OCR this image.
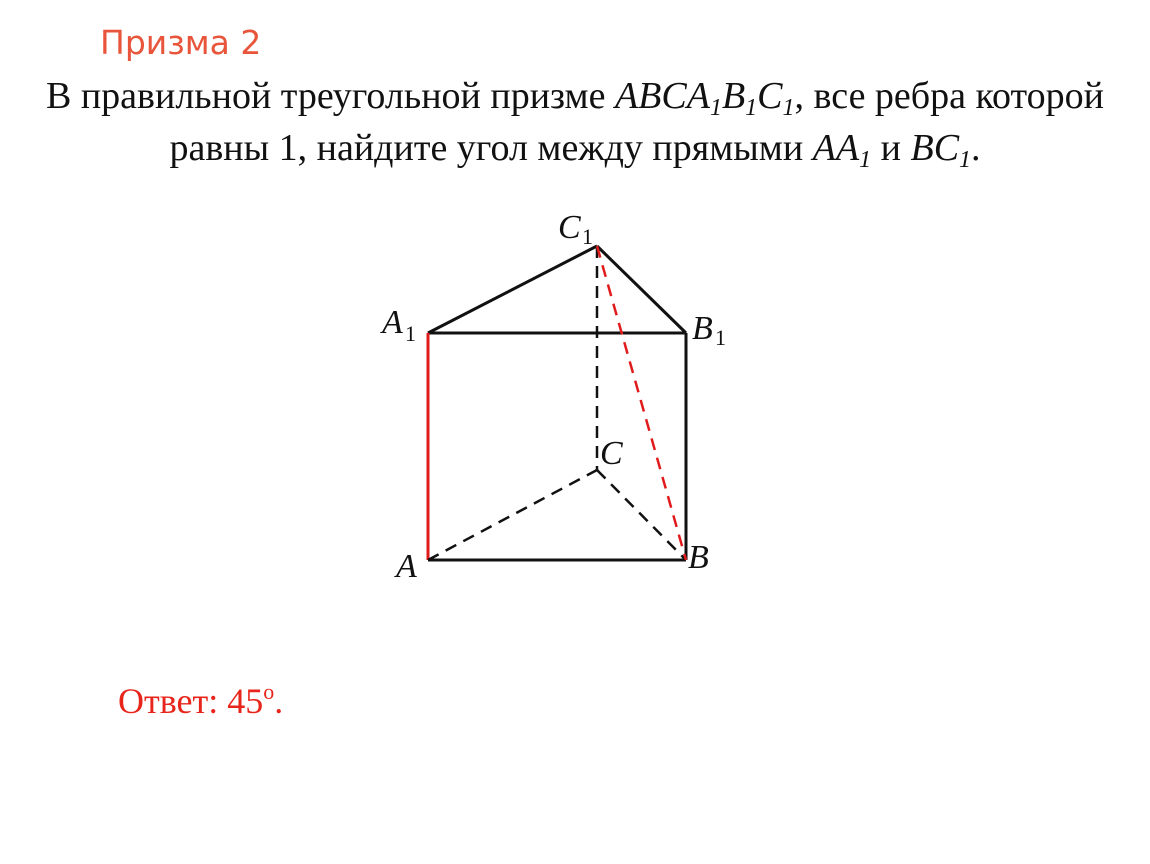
Призма 2
В правильной треугольной призме $ABCA_1B_1C_1$, все ребра которой
равны 1, найдите угол между прямыми $AA_1$ и $BC_1$.
C 1
A 1	B 1
C
A	B
Ответ: 45$^o$.
